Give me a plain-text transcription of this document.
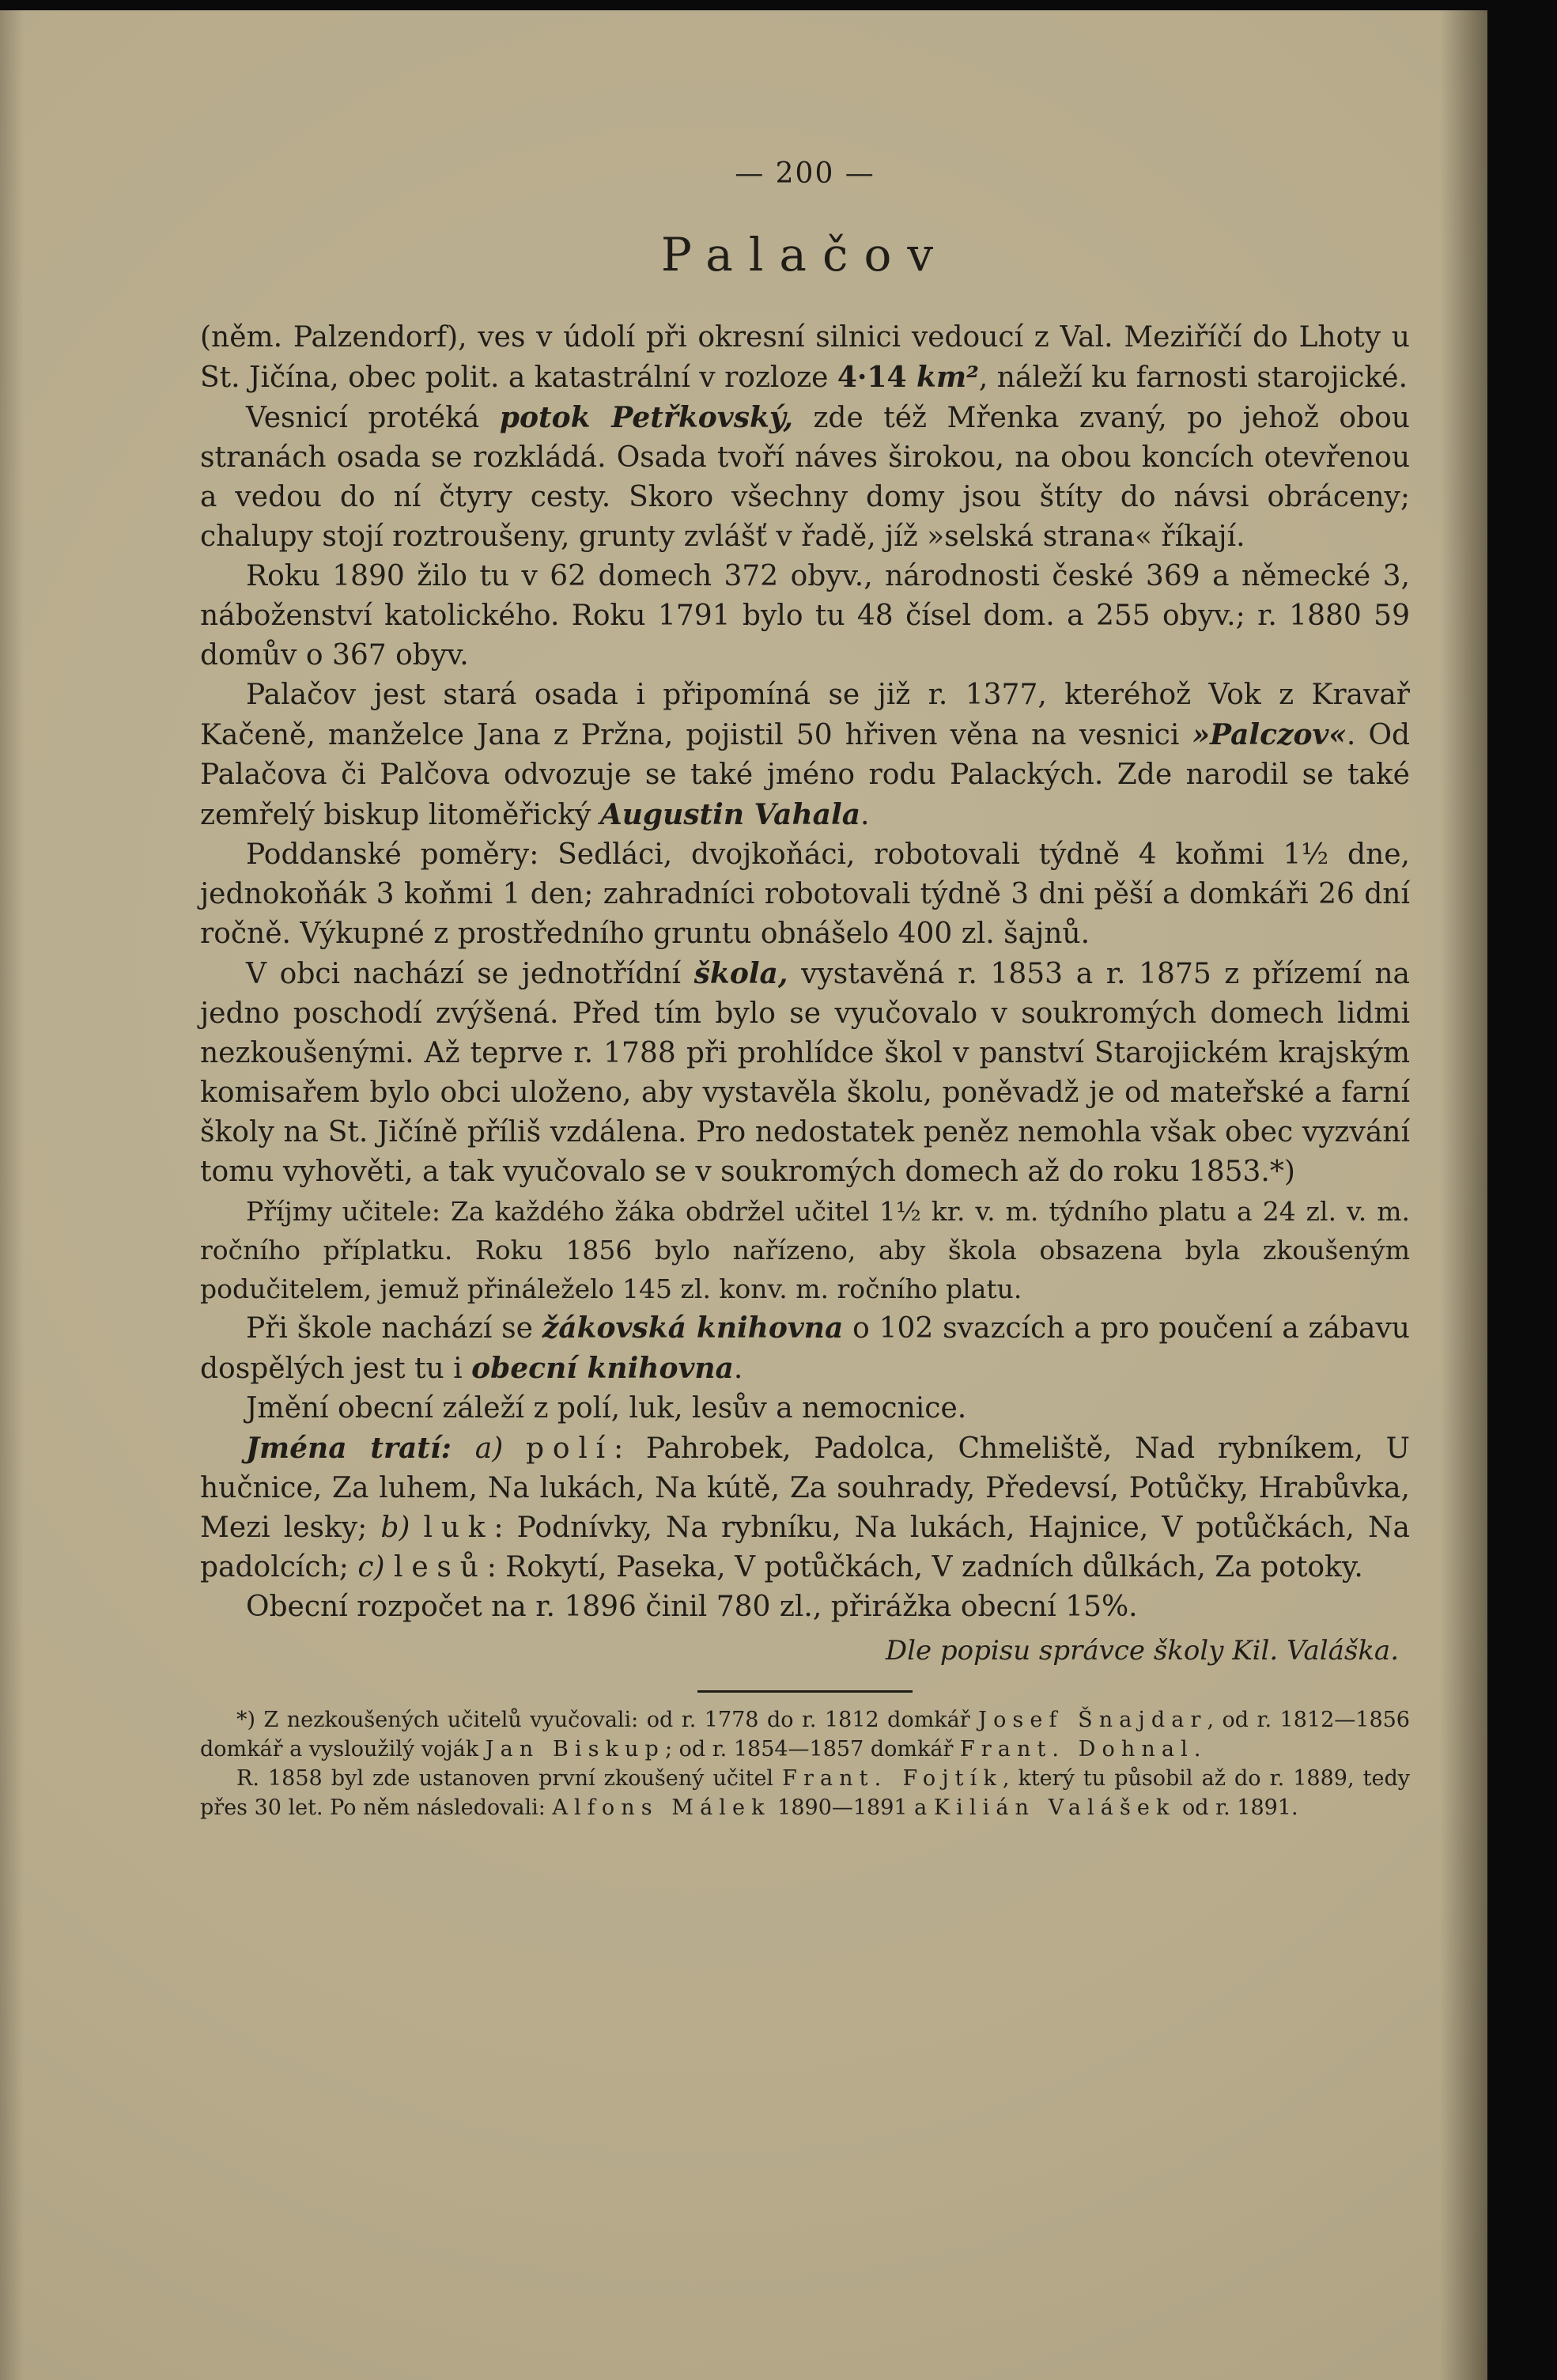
— 200 —
Palačov

(něm. Palzendorf), ves v údolí při okresní silnici vedoucí z Val. Meziříčí do Lhoty u St. Jičína, obec polit. a katastrální v rozloze 4·14 km², náleží ku farnosti starojické.

Vesnicí protéká potok Petřkovský, zde též Mřenka zvaný, po jehož obou stranách osada se rozkládá. Osada tvoří náves širokou, na obou koncích otevřenou a vedou do ní čtyry cesty. Skoro všechny domy jsou štíty do návsi obráceny; chalupy stojí roztroušeny, grunty zvlášť v řadě, jíž »selská strana« říkají.

Roku 1890 žilo tu v 62 domech 372 obyv., národnosti české 369 a německé 3, náboženství katolického. Roku 1791 bylo tu 48 čísel dom. a 255 obyv.; r. 1880 59 domův o 367 obyv.

Palačov jest stará osada i připomíná se již r. 1377, kteréhož Vok z Kravař Kačeně, manželce Jana z Pržna, pojistil 50 hřiven věna na vesnici »Palczov«. Od Palačova či Palčova odvozuje se také jméno rodu Palackých. Zde narodil se také zemřelý biskup litoměřický Augustin Vahala.

Poddanské poměry: Sedláci, dvojkoňáci, robotovali týdně 4 koňmi 1½ dne, jednokoňák 3 koňmi 1 den; zahradníci robotovali týdně 3 dni pěší a domkáři 26 dní ročně. Výkupné z prostředního gruntu obnášelo 400 zl. šajnů.

V obci nachází se jednotřídní škola, vystavěná r. 1853 a r. 1875 z přízemí na jedno poschodí zvýšená. Před tím bylo se vyučovalo v soukromých domech lidmi nezkoušenými. Až teprve r. 1788 při prohlídce škol v panství Starojickém krajským komisařem bylo obci uloženo, aby vystavěla školu, poněvadž je od mateřské a farní školy na St. Jičíně příliš vzdálena. Pro nedostatek peněz nemohla však obec vyzvání tomu vyhověti, a tak vyučovalo se v soukromých domech až do roku 1853.*)

Příjmy učitele: Za každého žáka obdržel učitel 1½ kr. v. m. týdního platu a 24 zl. v. m. ročního příplatku. Roku 1856 bylo nařízeno, aby škola obsazena byla zkoušeným podučitelem, jemuž přináleželo 145 zl. konv. m. ročního platu.

Při škole nachází se žákovská knihovna o 102 svazcích a pro poučení a zábavu dospělých jest tu i obecní knihovna.

Jmění obecní záleží z polí, luk, lesův a nemocnice.

Jména tratí: a) polí: Pahrobek, Padolca, Chmeliště, Nad rybníkem, U hučnice, Za luhem, Na lukách, Na kútě, Za souhrady, Předevsí, Potůčky, Hrabůvka, Mezi lesky; b) luk: Podnívky, Na rybníku, Na lukách, Hajnice, V potůčkách, Na padolcích; c) lesů: Rokytí, Paseka, V potůčkách, V zadních důlkách, Za potoky.

Obecní rozpočet na r. 1896 činil 780 zl., přirážka obecní 15%.

Dle popisu správce školy Kil. Valáška.

*) Z nezkoušených učitelů vyučovali: od r. 1778 do r. 1812 domkář Josef Šnajdar, od r. 1812—1856 domkář a vysloužilý voják Jan Biskup; od r. 1854—1857 domkář Frant. Dohnal.

R. 1858 byl zde ustanoven první zkoušený učitel Frant. Fojtík, který tu působil až do r. 1889, tedy přes 30 let. Po něm následovali: Alfons Málek 1890—1891 a Kilián Valášek od r. 1891.
